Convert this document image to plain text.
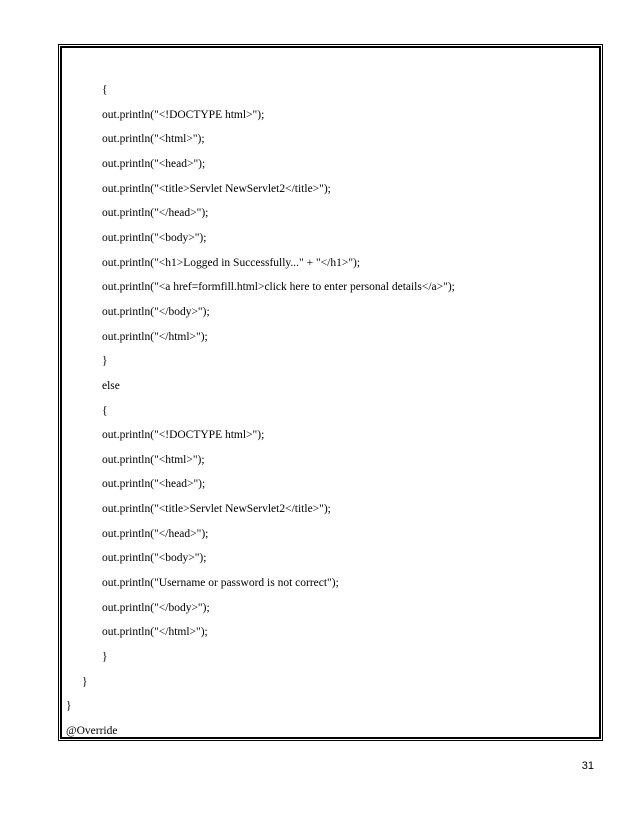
{
out.println("<!DOCTYPE html>");
out.println("<html>");
out.println("<head>");
out.println("<title>Servlet NewServlet2</title>");
out.println("</head>");
out.println("<body>");
out.println("<h1>Logged in Successfully..." + "</h1>");
out.println("<a href=formfill.html>click here to enter personal details</a>");
out.println("</body>");
out.println("</html>");
}
else
{
out.println("<!DOCTYPE html>");
out.println("<html>");
out.println("<head>");
out.println("<title>Servlet NewServlet2</title>");
out.println("</head>");
out.println("<body>");
out.println("Username or password is not correct");
out.println("</body>");
out.println("</html>");
}
}
}
@Override
31
